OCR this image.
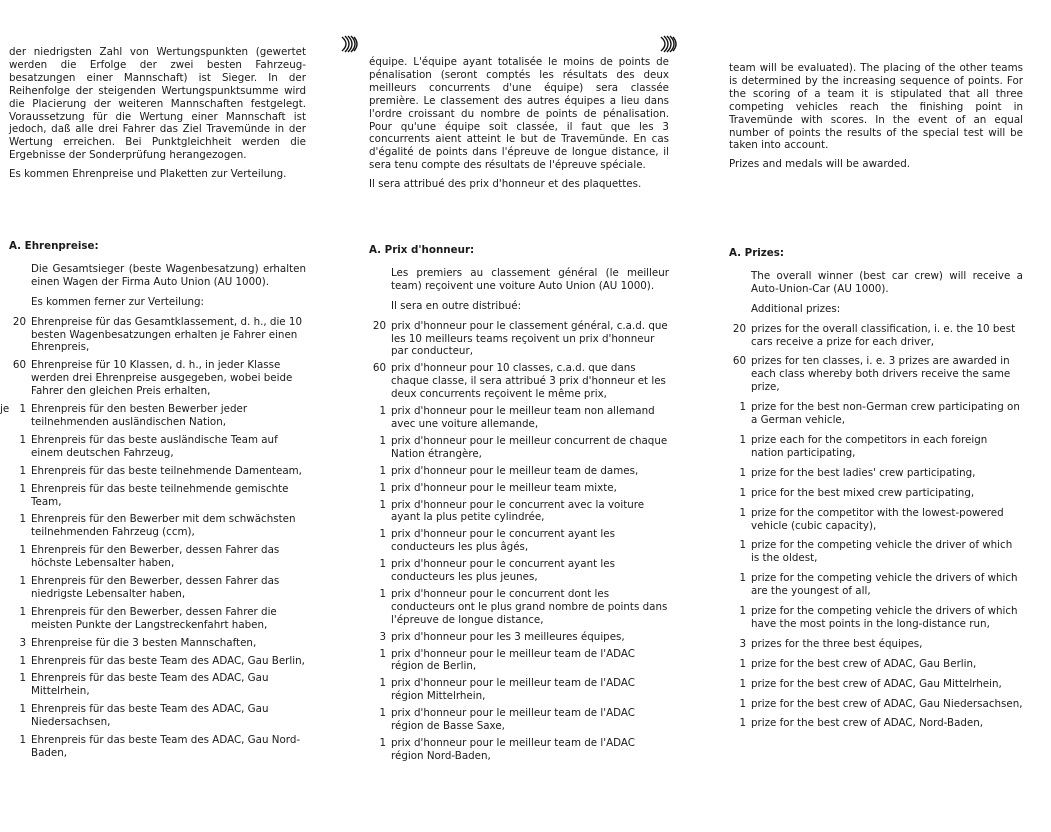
der niedrigsten Zahl von Wertungspunkten (gewertet werden die Erfolge der zwei besten Fahrzeug-besatzungen einer Mannschaft) ist Sieger. In der Reihenfolge der steigenden Wertungspunktsumme wird die Placierung der weiteren Mannschaften festgelegt. Voraussetzung für die Wertung einer Mannschaft ist jedoch, daß alle drei Fahrer das Ziel Travemünde in der Wertung erreichen. Bei Punktgleichheit werden die Ergebnisse der Sonderprüfung herangezogen.

Es kommen Ehrenpreise und Plaketten zur Verteilung.

A. Ehrenpreise:
Die Gesamtsieger (beste Wagenbesatzung) erhalten einen Wagen der Firma Auto Union (AU 1000).
Es kommen ferner zur Verteilung:
20 Ehrenpreise für das Gesamtklassement, d. h., die 10 besten Wagenbesatzungen erhalten je Fahrer einen Ehrenpreis,
60 Ehrenpreise für 10 Klassen, d. h., in jeder Klasse werden drei Ehrenpreise ausgegeben, wobei beide Fahrer den gleichen Preis erhalten,
je 1 Ehrenpreis für den besten Bewerber jeder teilnehmenden ausländischen Nation,
1 Ehrenpreis für das beste ausländische Team auf einem deutschen Fahrzeug,
1 Ehrenpreis für das beste teilnehmende Damenteam,
1 Ehrenpreis für das beste teilnehmende gemischte Team,
1 Ehrenpreis für den Bewerber mit dem schwächsten teilnehmenden Fahrzeug (ccm),
1 Ehrenpreis für den Bewerber, dessen Fahrer das höchste Lebensalter haben,
1 Ehrenpreis für den Bewerber, dessen Fahrer das niedrigste Lebensalter haben,
1 Ehrenpreis für den Bewerber, dessen Fahrer die meisten Punkte der Langstreckenfahrt haben,
3 Ehrenpreise für die 3 besten Mannschaften,
1 Ehrenpreis für das beste Team des ADAC, Gau Berlin,
1 Ehrenpreis für das beste Team des ADAC, Gau Mittelrhein,
1 Ehrenpreis für das beste Team des ADAC, Gau Niedersachsen,
1 Ehrenpreis für das beste Team des ADAC, Gau Nord-Baden,

équipe. L'équipe ayant totalisée le moins de points de pénalisation (seront comptés les résultats des deux meilleurs concurrents d'une équipe) sera classée première. Le classement des autres équipes a lieu dans l'ordre croissant du nombre de points de pénalisation. Pour qu'une équipe soit classée, il faut que les 3 concurrents aient atteint le but de Travemünde. En cas d'égalité de points dans l'épreuve de longue distance, il sera tenu compte des résultats de l'épreuve spéciale.

Il sera attribué des prix d'honneur et des plaquettes.

A. Prix d'honneur:
Les premiers au classement général (le meilleur team) reçoivent une voiture Auto Union (AU 1000).
Il sera en outre distribué:
20 prix d'honneur pour le classement général, c.a.d. que les 10 meilleurs teams reçoivent un prix d'honneur par conducteur,
60 prix d'honneur pour 10 classes, c.a.d. que dans chaque classe, il sera attribué 3 prix d'honneur et les deux concurrents reçoivent le même prix,
1 prix d'honneur pour le meilleur team non allemand avec une voiture allemande,
1 prix d'honneur pour le meilleur concurrent de chaque Nation étrangère,
1 prix d'honneur pour le meilleur team de dames,
1 prix d'honneur pour le meilleur team mixte,
1 prix d'honneur pour le concurrent avec la voiture ayant la plus petite cylindrée,
1 prix d'honneur pour le concurrent ayant les conducteurs les plus âgés,
1 prix d'honneur pour le concurrent ayant les conducteurs les plus jeunes,
1 prix d'honneur pour le concurrent dont les conducteurs ont le plus grand nombre de points dans l'épreuve de longue distance,
3 prix d'honneur pour les 3 meilleures équipes,
1 prix d'honneur pour le meilleur team de l'ADAC région de Berlin,
1 prix d'honneur pour le meilleur team de l'ADAC région Mittelrhein,
1 prix d'honneur pour le meilleur team de l'ADAC région de Basse Saxe,
1 prix d'honneur pour le meilleur team de l'ADAC région Nord-Baden,

team will be evaluated). The placing of the other teams is determined by the increasing sequence of points. For the scoring of a team it is stipulated that all three competing vehicles reach the finishing point in Travemünde with scores. In the event of an equal number of points the results of the special test will be taken into account.

Prizes and medals will be awarded.

A. Prizes:
The overall winner (best car crew) will receive a Auto-Union-Car (AU 1000).
Additional prizes:
20 prizes for the overall classification, i. e. the 10 best cars receive a prize for each driver,
60 prizes for ten classes, i. e. 3 prizes are awarded in each class whereby both drivers receive the same prize,
1 prize for the best non-German crew participating on a German vehicle,
1 prize each for the competitors in each foreign nation participating,
1 prize for the best ladies' crew participating,
1 price for the best mixed crew participating,
1 prize for the competitor with the lowest-powered vehicle (cubic capacity),
1 prize for the competing vehicle the driver of which is the oldest,
1 prize for the competing vehicle the drivers of which are the youngest of all,
1 prize for the competing vehicle the drivers of which have the most points in the long-distance run,
3 prizes for the three best équipes,
1 prize for the best crew of ADAC, Gau Berlin,
1 prize for the best crew of ADAC, Gau Mittelrhein,
1 prize for the best crew of ADAC, Gau Niedersachsen,
1 prize for the best crew of ADAC, Nord-Baden,
